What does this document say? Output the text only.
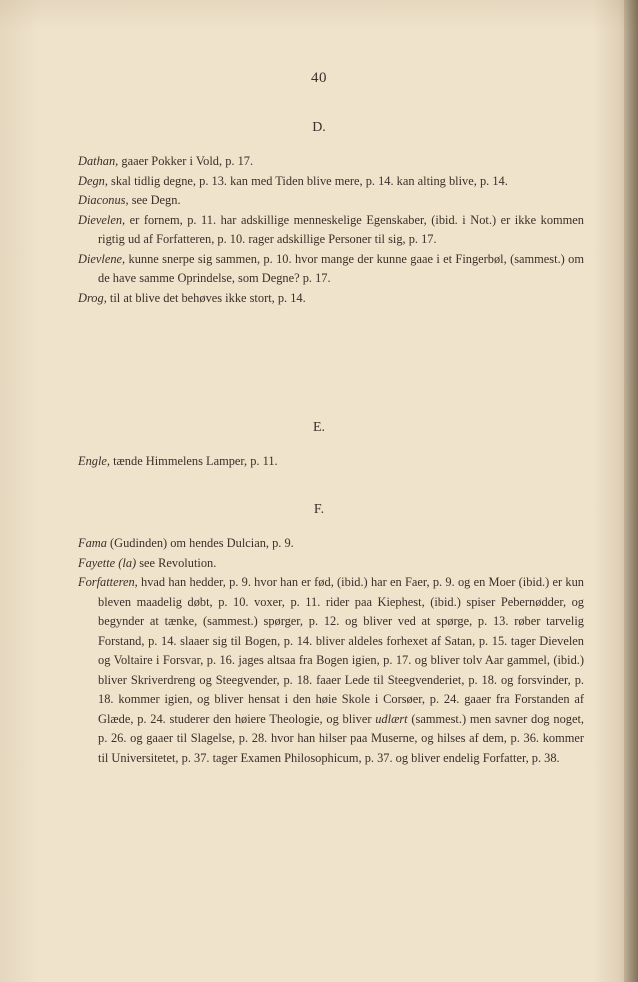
40
D.

Dathan, gaaer Pokker i Vold, p. 17.

Degn, skal tidlig degne, p. 13. kan med Tiden blive mere, p. 14. kan alting blive, p. 14.

Diaconus, see Degn.

Dievelen, er fornem, p. 11. har adskillige menneskelige Egenskaber, (ibid. i Not.) er ikke kommen rigtig ud af Forfatteren, p. 10. rager adskillige Personer til sig, p. 17.

Dievlene, kunne snerpe sig sammen, p. 10. hvor mange der kunne gaae i et Fingerbøl, (sammest.) om de have samme Oprindelse, som Degne? p. 17.

Drog, til at blive det behøves ikke stort, p. 14.

E.

Engle, tænde Himmelens Lamper, p. 11.

F.

Fama (Gudinden) om hendes Dulcian, p. 9.

Fayette (la) see Revolution.

Forfatteren, hvad han hedder, p. 9. hvor han er fød, (ibid.) har en Faer, p. 9. og en Moer (ibid.) er kun bleven maadelig døbt, p. 10. voxer, p. 11. rider paa Kiephest, (ibid.) spiser Pebernødder, og begynder at tænke, (sammest.) spørger, p. 12. og bliver ved at spørge, p. 13. røber tarvelig Forstand, p. 14. slaaer sig til Bogen, p. 14. bliver aldeles forhexet af Satan, p. 15. tager Dievelen og Voltaire i Forsvar, p. 16. jages altsaa fra Bogen igien, p. 17. og bliver tolv Aar gammel, (ibid.) bliver Skriverdreng og Steegvender, p. 18. faaer Lede til Steegvenderiet, p. 18. og forsvinder, p. 18. kommer igien, og bliver hensat i den høie Skole i Corsøer, p. 24. gaaer fra Forstanden af Glæde, p. 24. studerer den høiere Theologie, og bliver udlært (sammest.) men savner dog noget, p. 26. og gaaer til Slagelse, p. 28. hvor han hilser paa Muserne, og hilses af dem, p. 36. kommer til Universitetet, p. 37. tager Examen Philosophicum, p. 37. og bliver endelig Forfatter, p. 38.
